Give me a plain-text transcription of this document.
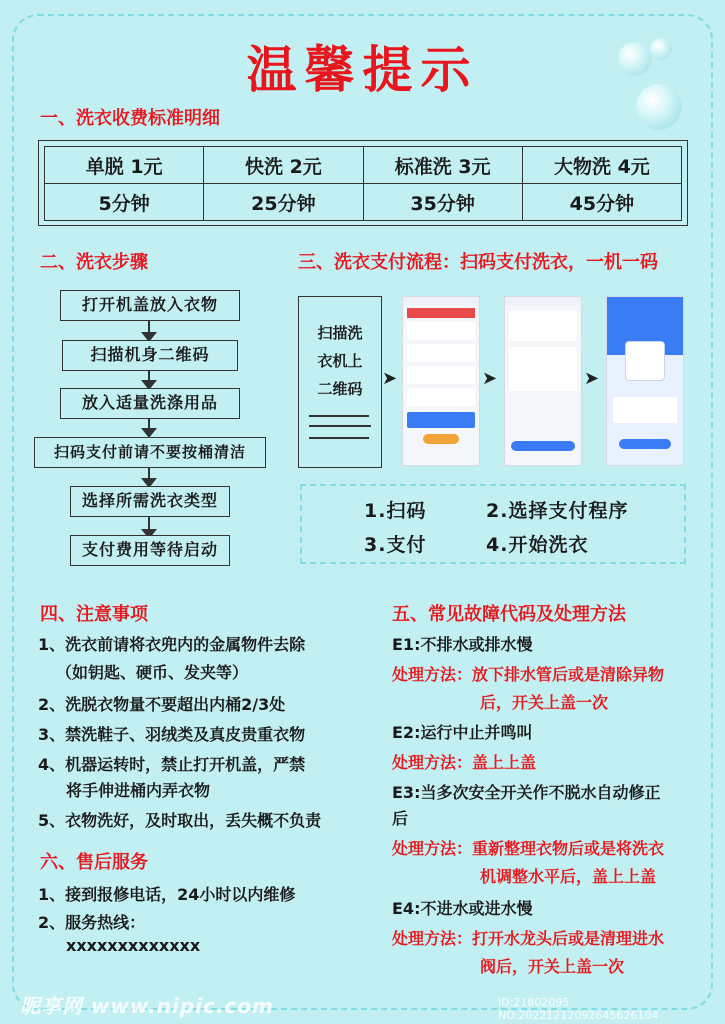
温馨提示
一、洗衣收费标准明细
单脱 1元	快洗 2元	标准洗 3元	大物洗 4元
5分钟	25分钟	35分钟	45分钟
二、洗衣步骤
打开机盖放入衣物
扫描机身二维码
放入适量洗涤用品
扫码支付前请不要按桶清洁
选择所需洗衣类型
支付费用等待启动
三、洗衣支付流程：扫码支付洗衣，一机一码
扫描洗
衣机上
二维码	➤	➤	➤
1.扫码	2.选择支付程序
3.支付	4.开始洗衣
四、注意事项
1、洗衣前请将衣兜内的金属物件去除
（如钥匙、硬币、发夹等）
2、洗脱衣物量不要超出内桶2/3处
3、禁洗鞋子、羽绒类及真皮贵重衣物
4、机器运转时，禁止打开机盖，严禁
将手伸进桶内弄衣物
5、衣物洗好，及时取出，丢失概不负责
六、售后服务
1、接到报修电话，24小时以内维修
2、服务热线：
xxxxxxxxxxxxx
五、常见故障代码及处理方法
E1:不排水或排水慢
处理方法：放下排水管后或是清除异物
后，开关上盖一次
E2:运行中止并鸣叫
处理方法：盖上上盖
E3:当多次安全开关作不脱水自动修正
后
处理方法：重新整理衣物后或是将洗衣
机调整水平后，盖上上盖
E4:不进水或进水慢
处理方法：打开水龙头后或是清理进水
阀后，开关上盖一次
昵享网 www.nipic.com	ID:21802095 NO:20221212092645626104
